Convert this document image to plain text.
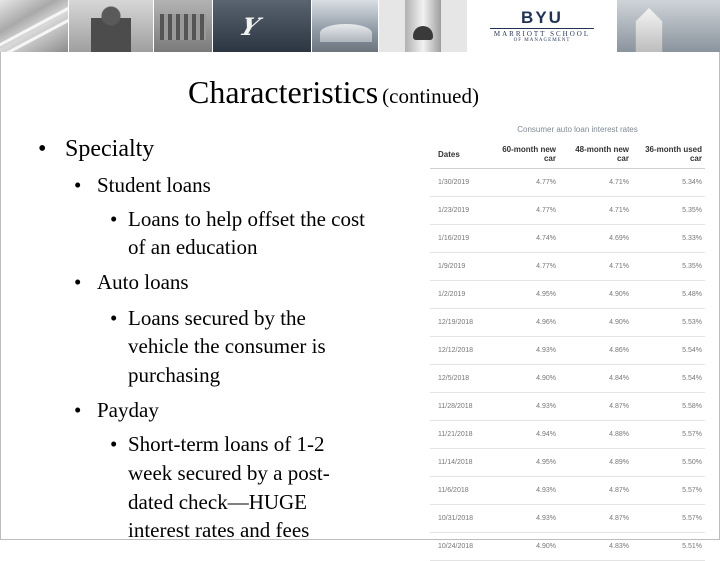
Y	BYU
MARRIOTT SCHOOL
OF MANAGEMENT
Characteristics (continued)
• Specialty
• Student loans
• Loans to help offset the cost
of an education
• Auto loans
• Loans secured by the
vehicle the consumer is
purchasing
• Payday
• Short-term loans of 1-2
week secured by a post-
dated check—HUGE
interest rates and fees
Consumer auto loan interest rates
Dates	60-month new car	48-month new car	36-month used car
1/30/2019	4.77%	4.71%	5.34%
1/23/2019	4.77%	4.71%	5.35%
1/16/2019	4.74%	4.69%	5.33%
1/9/2019	4.77%	4.71%	5.35%
1/2/2019	4.95%	4.90%	5.48%
12/19/2018	4.96%	4.90%	5.53%
12/12/2018	4.93%	4.86%	5.54%
12/5/2018	4.90%	4.84%	5.54%
11/28/2018	4.93%	4.87%	5.58%
11/21/2018	4.94%	4.88%	5.57%
11/14/2018	4.95%	4.89%	5.50%
11/6/2018	4.93%	4.87%	5.57%
10/31/2018	4.93%	4.87%	5.57%
10/24/2018	4.90%	4.83%	5.51%
